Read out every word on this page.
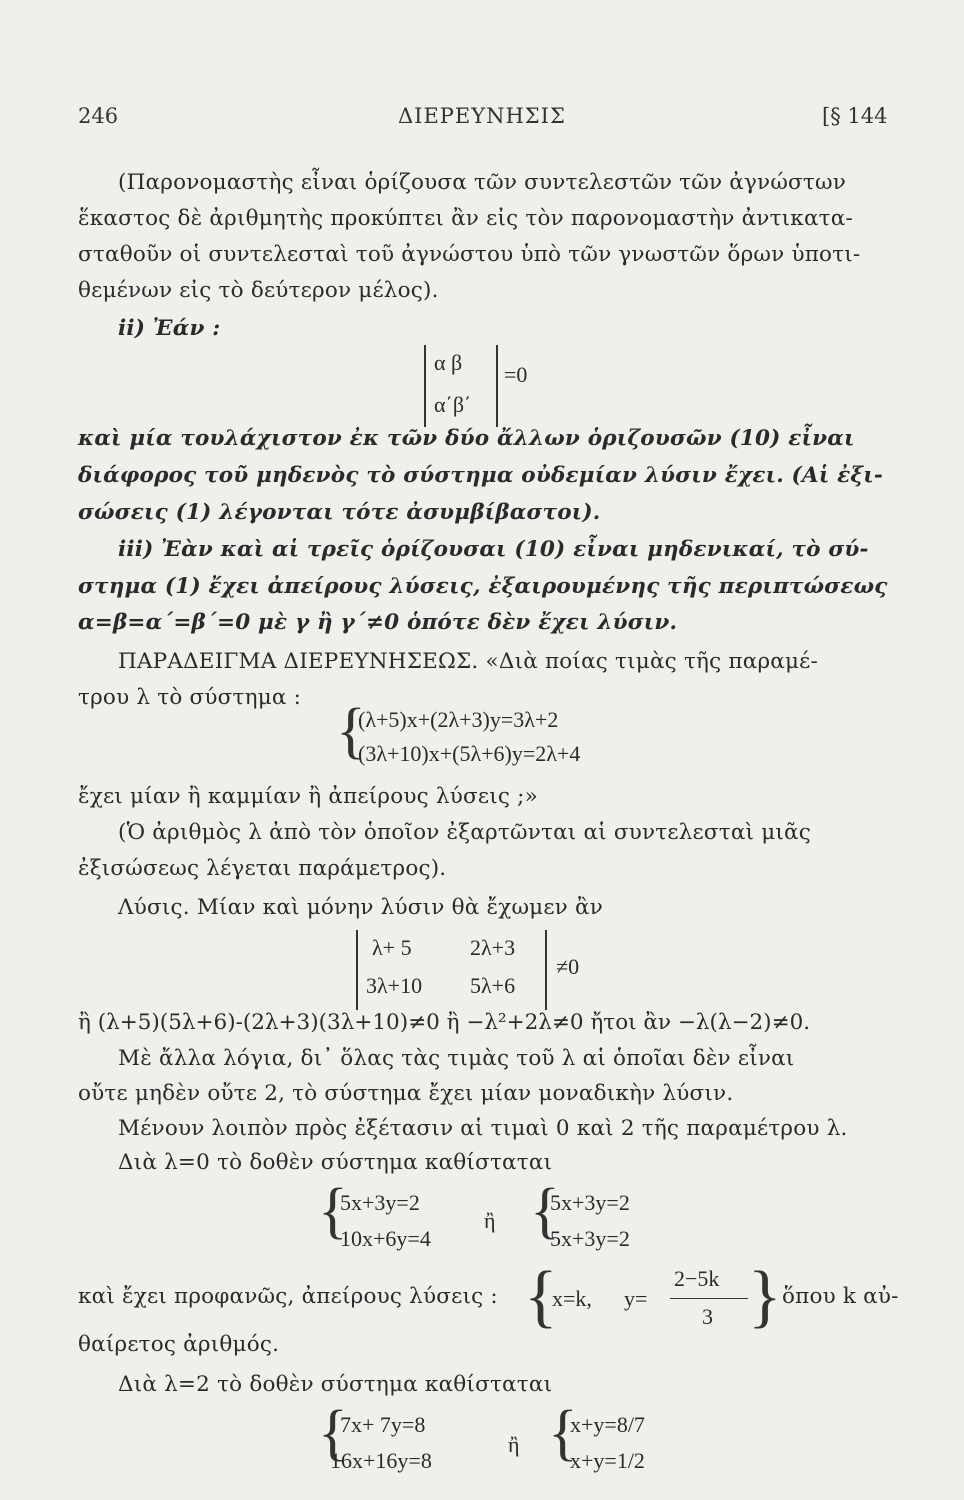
246	ΔΙΕΡΕΥΝΗΣΙΣ	[§ 144
(Παρονομαστὴς εἶναι ὁρίζουσα τῶν συντελεστῶν τῶν ἀγνώστων
ἕκαστος δὲ ἀριθμητὴς προκύπτει ἂν εἰς τὸν παρονομαστὴν ἀντικατα-
σταθοῦν οἱ συντελεσταὶ τοῦ ἀγνώστου ὑπὸ τῶν γνωστῶν ὅρων ὑποτι-
θεμένων εἰς τὸ δεύτερον μέλος).
ii) Ἐάν :
α β
α΄β΄
=0
καὶ μία τουλάχιστον ἐκ τῶν δύο ἄλλων ὁριζουσῶν (10) εἶναι
διάφορος τοῦ μηδενὸς τὸ σύστημα οὐδεμίαν λύσιν ἔχει. (Αἱ ἐξι-
σώσεις (1) λέγονται τότε ἀσυμβίβαστοι).
iii) Ἐὰν καὶ αἱ τρεῖς ὁρίζουσαι (10) εἶναι μηδενικαί, τὸ σύ-
στημα (1) ἔχει ἀπείρους λύσεις, ἐξαιρουμένης τῆς περιπτώσεως
α=β=α΄=β΄=0 μὲ γ ἢ γ΄≠0 ὁπότε δὲν ἔχει λύσιν.
ΠΑΡΑΔΕΙΓΜΑ ΔΙΕΡΕΥΝΗΣΕΩΣ. «Διὰ ποίας τιμὰς τῆς παραμέ-
τρου λ τὸ σύστημα : {
(λ+5)x+(2λ+3)y=3λ+2
(3λ+10)x+(5λ+6)y=2λ+4
ἔχει μίαν ἢ καμμίαν ἢ ἀπείρους λύσεις ;»
(Ὁ ἀριθμὸς λ ἀπὸ τὸν ὁποῖον ἐξαρτῶνται αἱ συντελεσταὶ μιᾶς
ἐξισώσεως λέγεται παράμετρος).
Λύσις. Μίαν καὶ μόνην λύσιν θὰ ἔχωμεν ἂν
λ+ 5	2λ+3
3λ+10 5λ+6
≠0
ἢ (λ+5)(5λ+6)-(2λ+3)(3λ+10)≠0 ἢ −λ²+2λ≠0 ἤτοι ἂν −λ(λ−2)≠0.
Μὲ ἄλλα λόγια, δι᾽ ὅλας τὰς τιμὰς τοῦ λ αἱ ὁποῖαι δὲν εἶναι
οὔτε μηδὲν οὔτε 2, τὸ σύστημα ἔχει μίαν μοναδικὴν λύσιν.
Μένουν λοιπὸν πρὸς ἐξέτασιν αἱ τιμαὶ 0 καὶ 2 τῆς παραμέτρου λ.
Διὰ λ=0 τὸ δοθὲν σύστημα καθίσταται
{
5x+3y=2
10x+6y=4
ἢ {
5x+3y=2
5x+3y=2
καὶ ἔχει προφανῶς, ἀπείρους λύσεις : {
x=k, y=
2−5k
3 } ὅπου k αὐ-
θαίρετος ἀριθμός.
Διὰ λ=2 τὸ δοθὲν σύστημα καθίσταται
{
7x+ 7y=8
16x+16y=8
ἢ {
x+y=8/7
x+y=1/2
